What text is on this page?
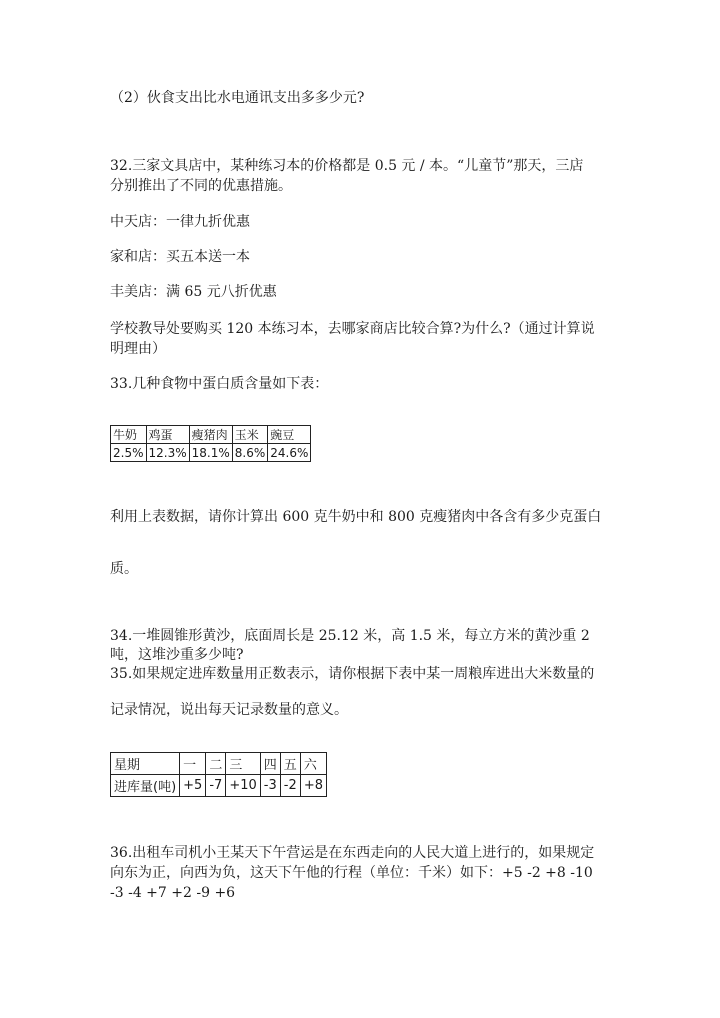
（2）伙食支出比水电通讯支出多多少元?
32.三家文具店中，某种练习本的价格都是 0.5 元 / 本。“儿童节”那天，三店
分别推出了不同的优惠措施。
中天店：一律九折优惠
家和店：买五本送一本
丰美店：满 65 元八折优惠
学校教导处要购买 120 本练习本，去哪家商店比较合算?为什么?（通过计算说
明理由）
33.几种食物中蛋白质含量如下表：
牛奶	鸡蛋	瘦猪肉	玉米	豌豆
2.5%	12.3%	18.1%	8.6%	24.6%
利用上表数据，请你计算出 600 克牛奶中和 800 克瘦猪肉中各含有多少克蛋白
质。
34.一堆圆锥形黄沙，底面周长是 25.12 米，高 1.5 米，每立方米的黄沙重 2
吨，这堆沙重多少吨?
35.如果规定进库数量用正数表示，请你根据下表中某一周粮库进出大米数量的
记录情况，说出每天记录数量的意义。
星期	一	二	三	四	五	六
进库量(吨)	+5	-7	+10	-3	-2	+8
36.出租车司机小王某天下午营运是在东西走向的人民大道上进行的，如果规定
向东为正，向西为负，这天下午他的行程（单位：千米）如下：+5 -2 +8 -10
-3 -4 +7 +2 -9 +6
